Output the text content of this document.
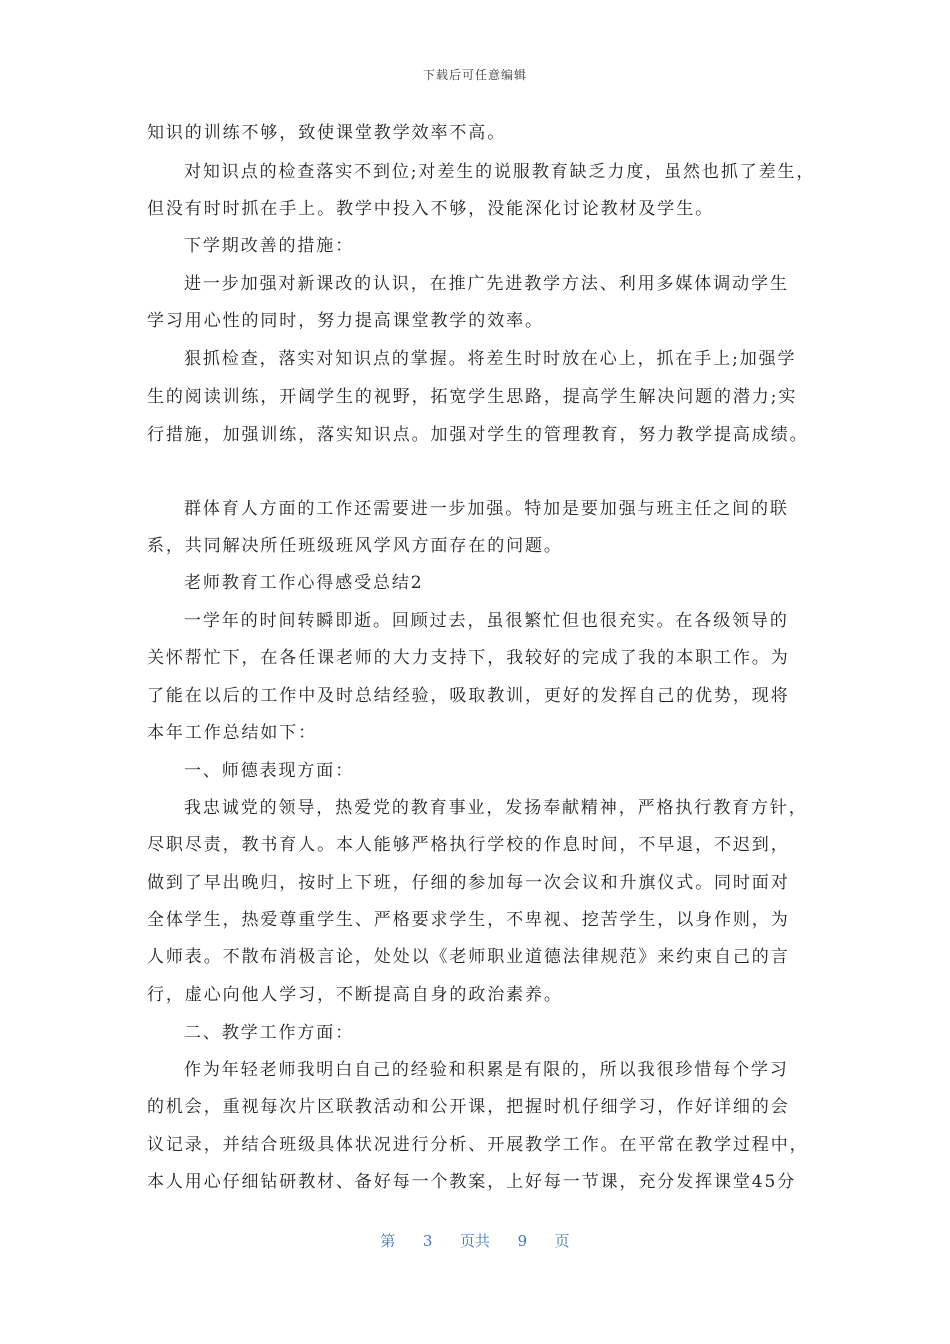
下载后可任意编辑
知识的训练不够，致使课堂教学效率不高。
对知识点的检查落实不到位;对差生的说服教育缺乏力度，虽然也抓了差生，
但没有时时抓在手上。教学中投入不够，没能深化讨论教材及学生。
下学期改善的措施：
进一步加强对新课改的认识，在推广先进教学方法、利用多媒体调动学生
学习用心性的同时，努力提高课堂教学的效率。
狠抓检查，落实对知识点的掌握。将差生时时放在心上，抓在手上;加强学
生的阅读训练，开阔学生的视野，拓宽学生思路，提高学生解决问题的潜力;实
行措施，加强训练，落实知识点。加强对学生的管理教育，努力教学提高成绩。
群体育人方面的工作还需要进一步加强。特加是要加强与班主任之间的联
系，共同解决所任班级班风学风方面存在的问题。
老师教育工作心得感受总结2
一学年的时间转瞬即逝。回顾过去，虽很繁忙但也很充实。在各级领导的
关怀帮忙下，在各任课老师的大力支持下，我较好的完成了我的本职工作。为
了能在以后的工作中及时总结经验，吸取教训，更好的发挥自己的优势，现将
本年工作总结如下：
一、师德表现方面：
我忠诚党的领导，热爱党的教育事业，发扬奉献精神，严格执行教育方针，
尽职尽责，教书育人。本人能够严格执行学校的作息时间，不早退，不迟到，
做到了早出晚归，按时上下班，仔细的参加每一次会议和升旗仪式。同时面对
全体学生，热爱尊重学生、严格要求学生，不卑视、挖苦学生，以身作则，为
人师表。不散布消极言论，处处以《老师职业道德法律规范》来约束自己的言
行，虚心向他人学习，不断提高自身的政治素养。
二、教学工作方面：
作为年轻老师我明白自己的经验和积累是有限的，所以我很珍惜每个学习
的机会，重视每次片区联教活动和公开课，把握时机仔细学习，作好详细的会
议记录，并结合班级具体状况进行分析、开展教学工作。在平常在教学过程中，
本人用心仔细钻研教材、备好每一个教案，上好每一节课，充分发挥课堂45分
第 3 页共 9 页
